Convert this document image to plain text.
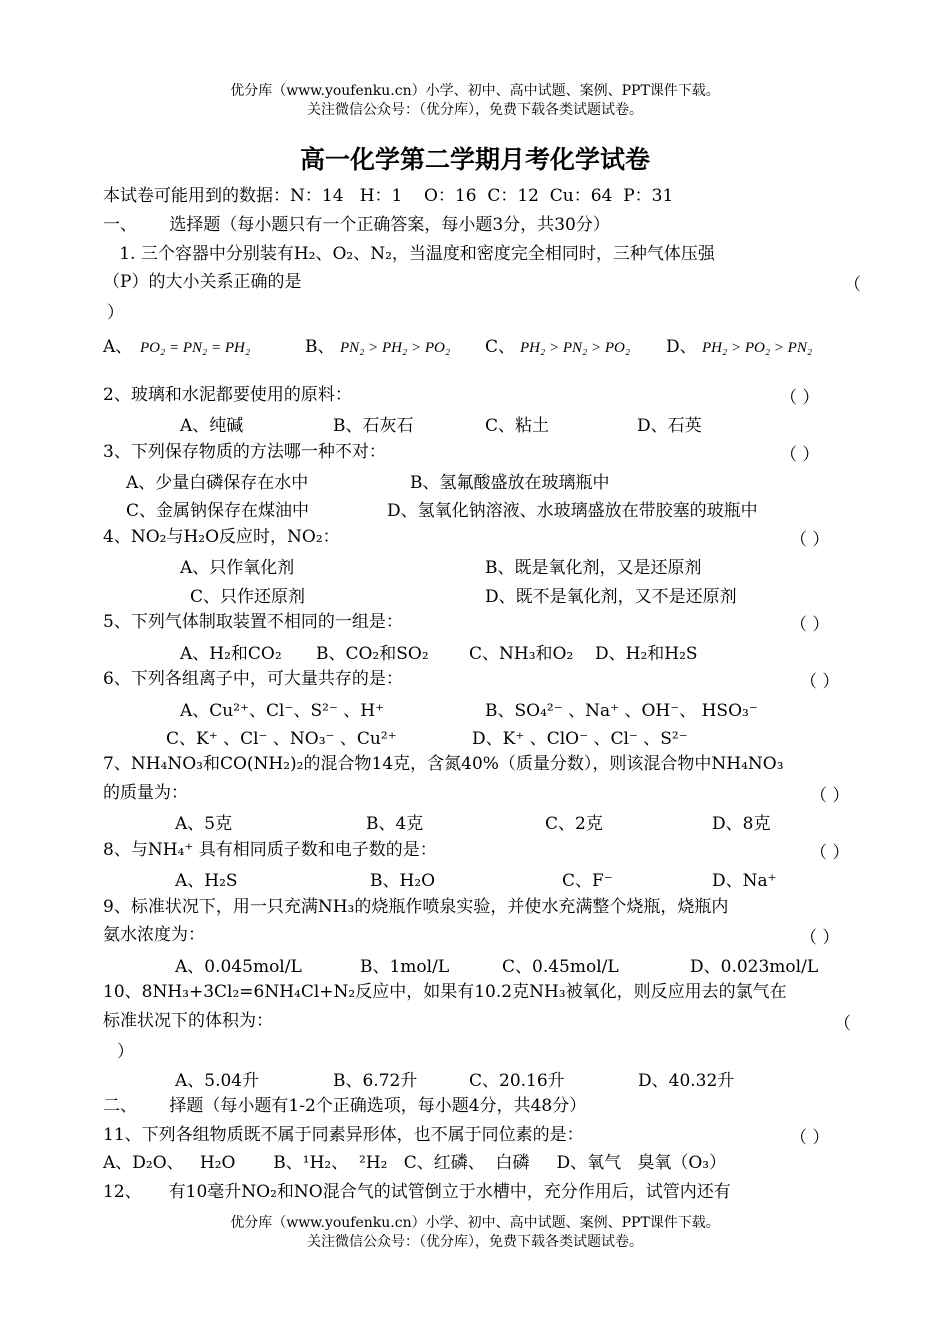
优分库（www.youfenku.cn）小学、初中、高中试题、案例、PPT课件下载。
关注微信公众号：（优分库），免费下载各类试题试卷。
高一化学第二学期月考化学试卷
本试卷可能用到的数据：N：14   H：1    O：16  C：12  Cu：64  P：31
一、      选择题（每小题只有一个正确答案，每小题3分，共30分）
1. 三个容器中分别装有H₂、O₂、N₂，当温度和密度完全相同时，三种气体压强
（P）的大小关系正确的是	（
）
A、 PO₂ = PN₂ = PH₂	B、 PN₂ > PH₂ > PO₂ C、 PH₂ > PN₂ > PO₂ D、 PH₂ > PO₂ > PN₂
2、玻璃和水泥都要使用的原料：	（ ）
A、纯碱	B、石灰石	C、粘土	D、石英
3、下列保存物质的方法哪一种不对：	（ ）
A、少量白磷保存在水中	B、氢氟酸盛放在玻璃瓶中
C、金属钠保存在煤油中	D、氢氧化钠溶液、水玻璃盛放在带胶塞的玻瓶中
4、NO₂与H₂O反应时，NO₂：	（ ）
A、只作氧化剂	B、既是氧化剂，又是还原剂
C、只作还原剂	D、既不是氧化剂，又不是还原剂
5、下列气体制取装置不相同的一组是：	（ ）
A、H₂和CO₂ B、CO₂和SO₂ C、NH₃和O₂ D、H₂和H₂S
6、下列各组离子中，可大量共存的是：	（ ）
A、Cu²⁺、Cl⁻、S²⁻ 、H⁺	B、SO₄²⁻ 、Na⁺ 、OH⁻、 HSO₃⁻
C、K⁺ 、Cl⁻ 、NO₃⁻ 、Cu²⁺	D、K⁺ 、ClO⁻ 、Cl⁻ 、S²⁻
7、NH₄NO₃和CO(NH₂)₂的混合物14克，含氮40%（质量分数），则该混合物中NH₄NO₃
的质量为：	（ ）
A、5克	B、4克	C、2克	D、8克
8、与NH₄⁺ 具有相同质子数和电子数的是：	（ ）
A、H₂S	B、H₂O	C、F⁻	D、Na⁺
9、标准状况下，用一只充满NH₃的烧瓶作喷泉实验，并使水充满整个烧瓶，烧瓶内
氨水浓度为：	（ ）
A、0.045mol/L	B、1mol/L	C、0.45mol/L	D、0.023mol/L
10、8NH₃+3Cl₂=6NH₄Cl+N₂反应中，如果有10.2克NH₃被氧化，则反应用去的氯气在
标准状况下的体积为：	（
）
A、5.04升	B、6.72升	C、20.16升	D、40.32升
二、      择题（每小题有1-2个正确选项，每小题4分，共48分）
11、下列各组物质既不属于同素异形体，也不属于同位素的是：	（ ）
A、D₂O、   H₂O       B、¹H₂、  ²H₂   C、红磷、  白磷     D、氧气   臭氧（O₃）
12、     有10毫升NO₂和NO混合气的试管倒立于水槽中，充分作用后，试管内还有
优分库（www.youfenku.cn）小学、初中、高中试题、案例、PPT课件下载。
关注微信公众号：（优分库），免费下载各类试题试卷。
